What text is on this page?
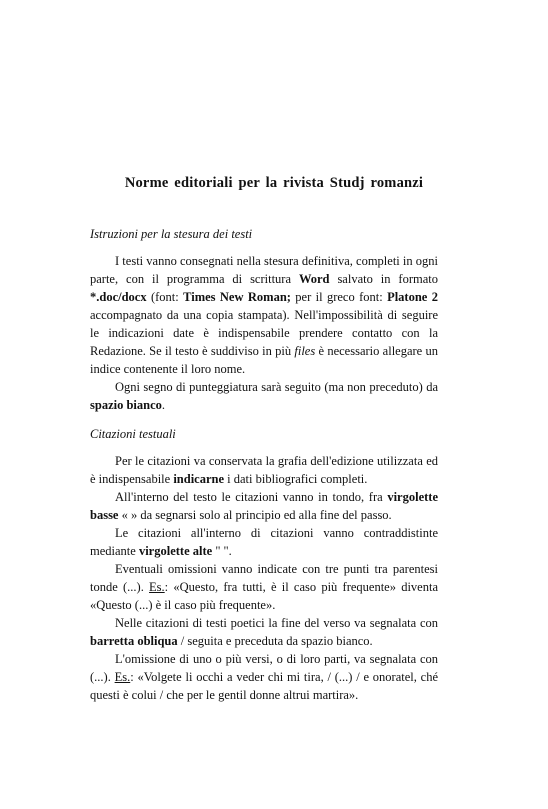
Norme editoriali per la rivista Studj romanzi
Istruzioni per la stesura dei testi

I testi vanno consegnati nella stesura definitiva, completi in ogni parte, con il programma di scrittura Word salvato in formato *.doc/docx (font: Times New Roman; per il greco font: Platone 2 accompagnato da una copia stampata). Nell'impossibilità di seguire le indicazioni date è indispensabile prendere contatto con la Redazione. Se il testo è suddiviso in più files è necessario allegare un indice contenente il loro nome.

Ogni segno di punteggiatura sarà seguito (ma non preceduto) da spazio bianco.

Citazioni testuali

Per le citazioni va conservata la grafia dell'edizione utilizzata ed è indispensabile indicarne i dati bibliografici completi.

All'interno del testo le citazioni vanno in tondo, fra virgolette basse « » da segnarsi solo al principio ed alla fine del passo.

Le citazioni all'interno di citazioni vanno contraddistinte mediante virgolette alte " ".

Eventuali omissioni vanno indicate con tre punti tra parentesi tonde (...). Es.: «Questo, fra tutti, è il caso più frequente» diventa «Questo (...) è il caso più frequente».

Nelle citazioni di testi poetici la fine del verso va segnalata con barretta obliqua / seguita e preceduta da spazio bianco.

L'omissione di uno o più versi, o di loro parti, va segnalata con (...). Es.: «Volgete li occhi a veder chi mi tira, / (...) / e onoratel, ché questi è colui / che per le gentil donne altrui martira».
